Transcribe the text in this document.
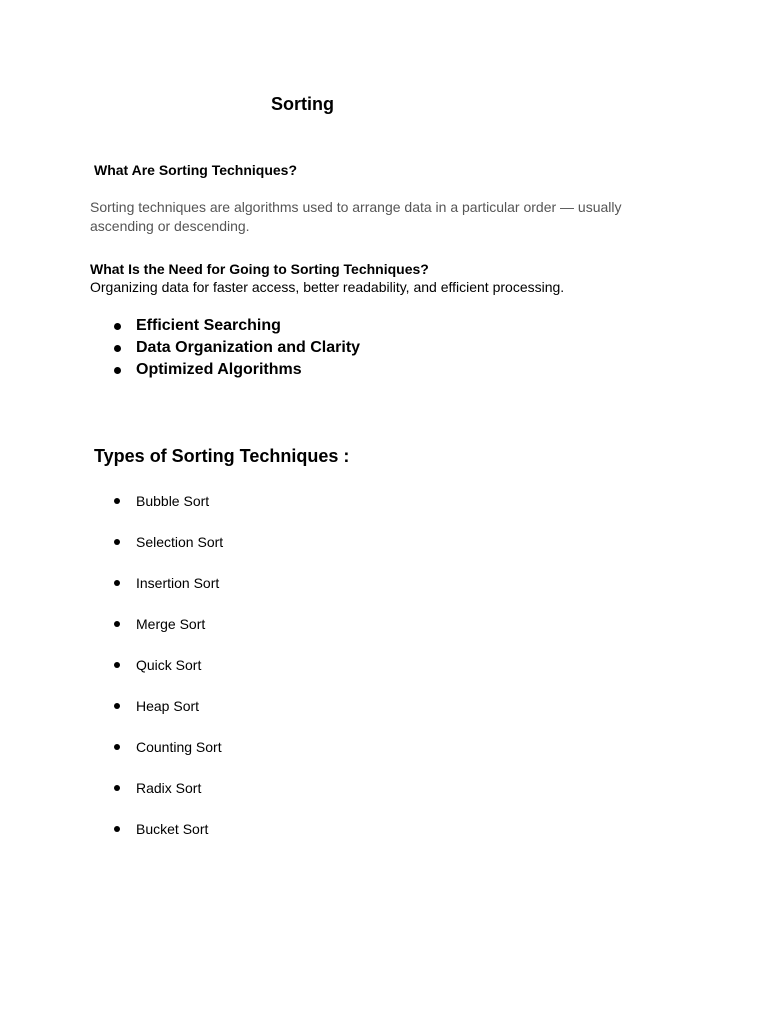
Sorting
What Are Sorting Techniques?
Sorting techniques are algorithms used to arrange data in a particular order — usually ascending or descending.
What Is the Need for Going to Sorting Techniques?
Organizing data for faster access, better readability, and efficient processing.
Efficient Searching
Data Organization and Clarity
Optimized Algorithms
Types of Sorting Techniques :
Bubble Sort
Selection Sort
Insertion Sort
Merge Sort
Quick Sort
Heap Sort
Counting Sort
Radix Sort
Bucket Sort
